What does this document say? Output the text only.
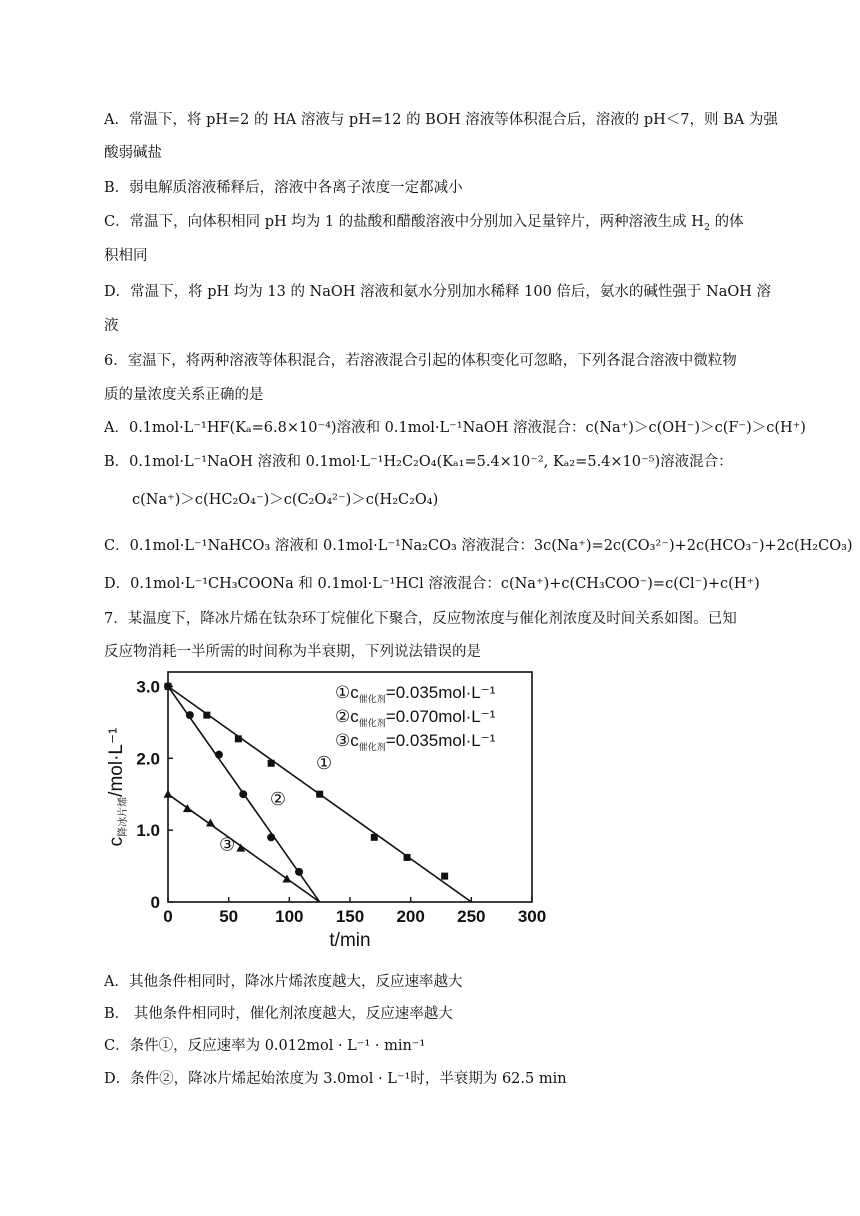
A．常温下，将 pH=2 的 HA 溶液与 pH=12 的 BOH 溶液等体积混合后，溶液的 pH＜7，则 BA 为强
酸弱碱盐
B．弱电解质溶液稀释后，溶液中各离子浓度一定都减小
C．常温下，向体积相同 pH 均为 1 的盐酸和醋酸溶液中分别加入足量锌片，两种溶液生成 $H_2$ 的体
积相同
D．常温下，将 pH 均为 13 的 NaOH 溶液和氨水分别加水稀释 100 倍后，氨水的碱性强于 NaOH 溶
液
6．室温下，将两种溶液等体积混合，若溶液混合引起的体积变化可忽略，下列各混合溶液中微粒物
质的量浓度关系正确的是
A．0.1mol·L⁻¹HF(Kₐ=6.8×10⁻⁴)溶液和 0.1mol·L⁻¹NaOH 溶液混合：c(Na⁺)＞c(OH⁻)＞c(F⁻)＞c(H⁺)
B．0.1mol·L⁻¹NaOH 溶液和 0.1mol·L⁻¹H₂C₂O₄(Kₐ₁=5.4×10⁻², Kₐ₂=5.4×10⁻⁵)溶液混合：
c(Na⁺)＞c(HC₂O₄⁻)＞c(C₂O₄²⁻)＞c(H₂C₂O₄)
C．0.1mol·L⁻¹NaHCO₃ 溶液和 0.1mol·L⁻¹Na₂CO₃ 溶液混合：3c(Na⁺)=2c(CO₃²⁻)+2c(HCO₃⁻)+2c(H₂CO₃)
D．0.1mol·L⁻¹CH₃COONa 和 0.1mol·L⁻¹HCl 溶液混合：c(Na⁺)+c(CH₃COO⁻)=c(Cl⁻)+c(H⁺)
7．某温度下，降冰片烯在钛杂环丁烷催化下聚合，反应物浓度与催化剂浓度及时间关系如图。已知
反应物消耗一半所需的时间称为半衰期，下列说法错误的是
0	50 100 150 200 250 300
0
1.0
2.0
3.0
t/min
$c_{降冰片烯}/mol\cdot L^{-1}$
$①c_{催化剂}=0.035mol\cdot L^{-1}$
$②c_{催化剂}=0.070mol\cdot L^{-1}$
$③c_{催化剂}=0.035mol\cdot L^{-1}$
①
②
③
A．其他条件相同时，降冰片烯浓度越大，反应速率越大
B． 其他条件相同时，催化剂浓度越大，反应速率越大
C．条件①，反应速率为 0.012mol · L⁻¹ · min⁻¹
D．条件②，降冰片烯起始浓度为 3.0mol · L⁻¹时，半衰期为 62.5 min
